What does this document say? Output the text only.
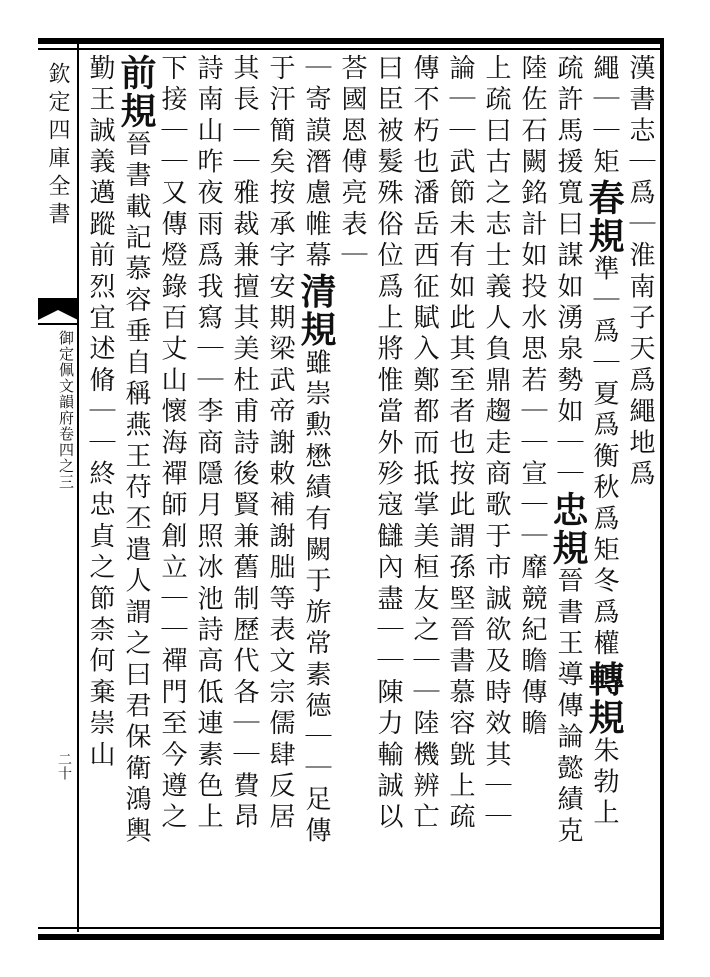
欽定四庫全書
御定佩文韻府卷四之三
二十
漢書志｜爲｜淮南子天爲繩地爲
繩｜｜矩春規準｜爲｜夏爲衡秋爲矩冬爲權轉規朱勃上
疏許馬援寬曰謀如湧泉勢如｜｜忠規晉書王導傳論懿績克
陸佐石闕銘計如投水思若｜｜宣｜｜靡競紀瞻傳瞻
上疏曰古之志士義人負鼎趨走商歌于市誠欲及時效其｜｜
論｜｜武節未有如此其至者也按此謂孫堅晉書慕容皝上疏
傳不朽也潘岳西征賦入鄭都而抵掌美桓友之｜｜陸機辨亡
曰臣被髮殊俗位爲上將惟當外殄寇讎內盡｜｜陳力輸誠以
荅國恩傅亮表｜
｜寄謨潛慮帷幕清規雖崇勲懋績有闕于旂常素德｜｜足傳
于汗簡矣按承字安期梁武帝謝敕補謝朏等表文宗儒肆反居
其長｜｜雅裁兼擅其美杜甫詩後賢兼舊制歷代各｜｜費昂
詩南山昨夜雨爲我寫｜｜李商隱月照冰池詩高低連素色上
下接｜｜又傳燈錄百丈山懷海禪師創立｜｜禪門至今遵之
前規晉書載記慕容垂自稱燕王苻丕遣人謂之曰君保衛鴻輿
勤王誠義邁蹤前烈宜述脩｜｜終忠貞之節柰何棄崇山
